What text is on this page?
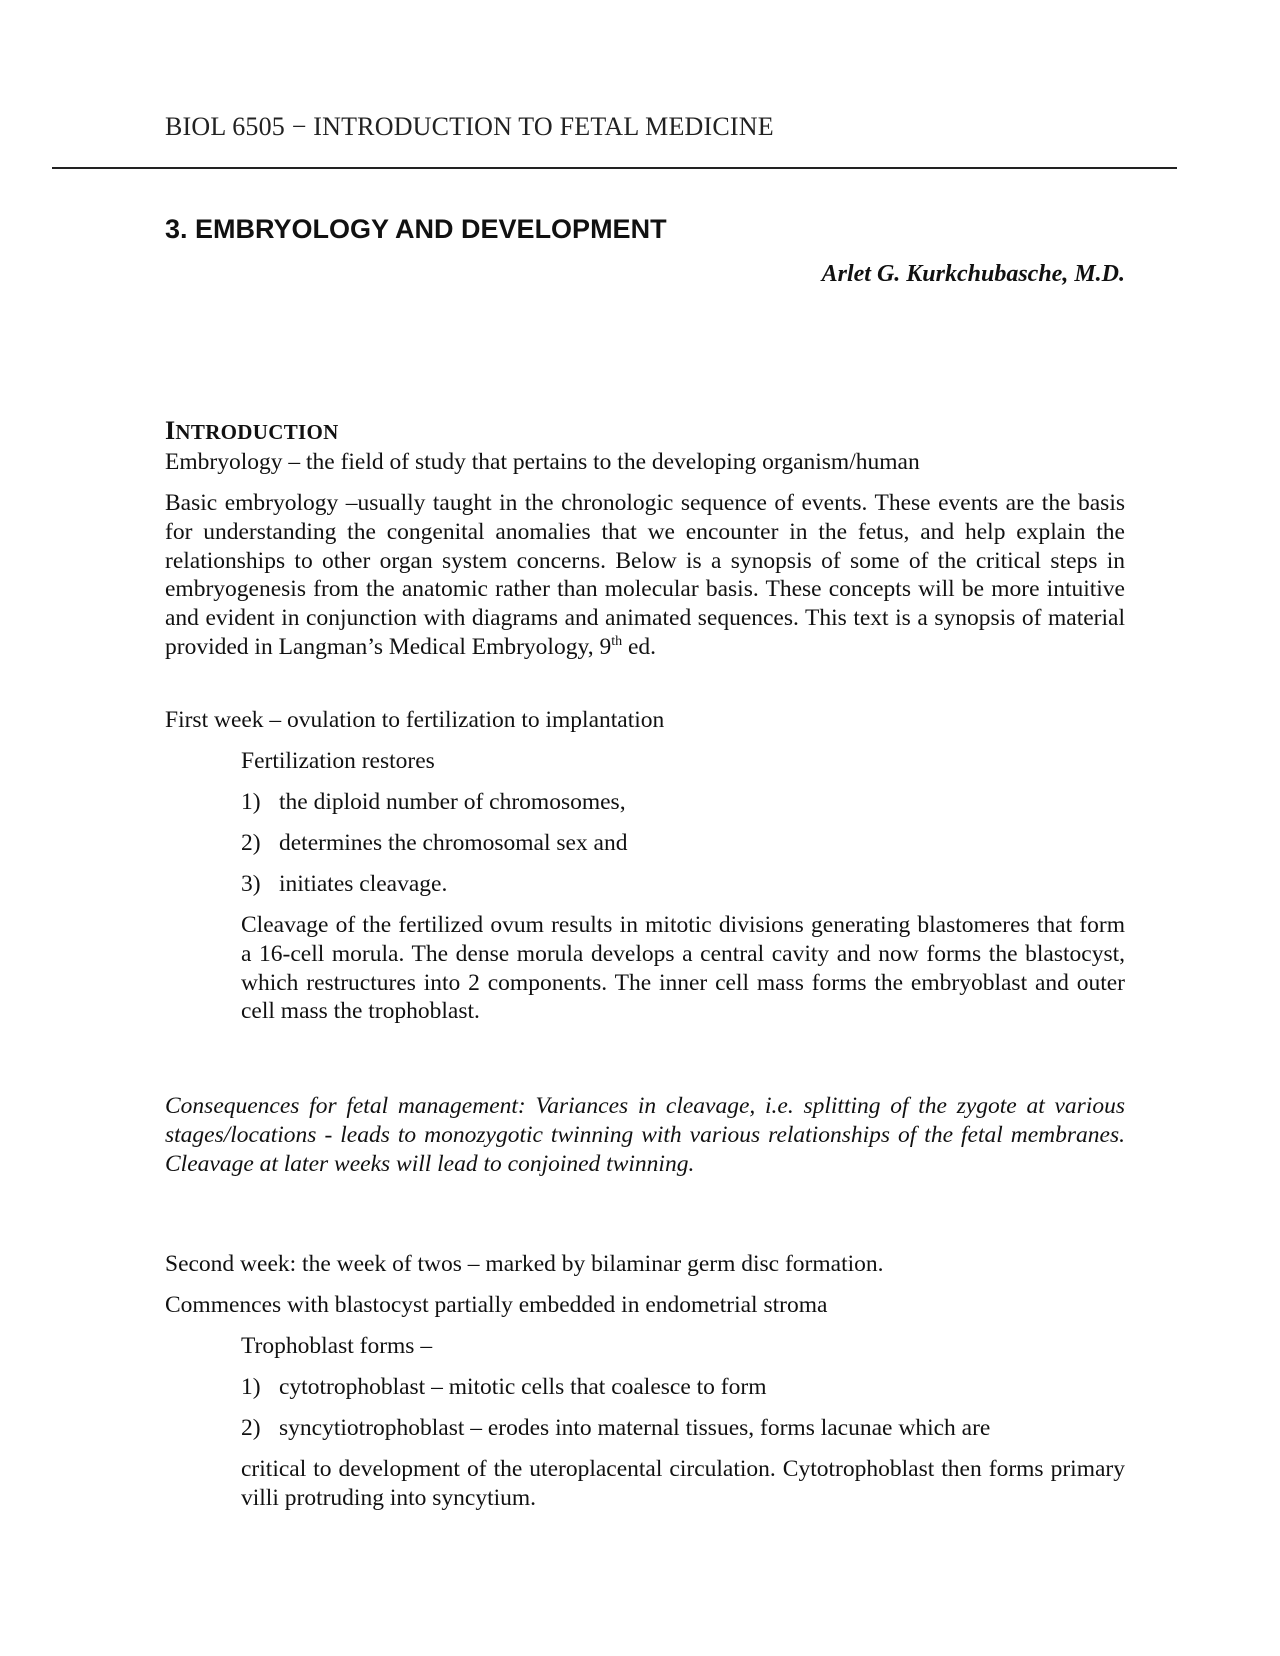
BIOL 6505 − INTRODUCTION TO FETAL MEDICINE
3. EMBRYOLOGY AND DEVELOPMENT
Arlet G. Kurkchubasche, M.D.
INTRODUCTION
Embryology – the field of study that pertains to the developing organism/human
Basic embryology –usually taught in the chronologic sequence of events. These events are the basis for understanding the congenital anomalies that we encounter in the fetus, and help explain the relationships to other organ system concerns. Below is a synopsis of some of the critical steps in embryogenesis from the anatomic rather than molecular basis. These concepts will be more intuitive and evident in conjunction with diagrams and animated sequences. This text is a synopsis of material provided in Langman’s Medical Embryology, 9th ed.
First week – ovulation to fertilization to implantation
Fertilization restores
1) the diploid number of chromosomes,
2) determines the chromosomal sex and
3) initiates cleavage.
Cleavage of the fertilized ovum results in mitotic divisions generating blastomeres that form a 16-cell morula. The dense morula develops a central cavity and now forms the blastocyst, which restructures into 2 components. The inner cell mass forms the embryoblast and outer cell mass the trophoblast.
Consequences for fetal management: Variances in cleavage, i.e. splitting of the zygote at various stages/locations - leads to monozygotic twinning with various relationships of the fetal membranes. Cleavage at later weeks will lead to conjoined twinning.
Second week: the week of twos – marked by bilaminar germ disc formation.
Commences with blastocyst partially embedded in endometrial stroma
Trophoblast forms –
1) cytotrophoblast – mitotic cells that coalesce to form
2) syncytiotrophoblast – erodes into maternal tissues, forms lacunae which are
critical to development of the uteroplacental circulation. Cytotrophoblast then forms primary villi protruding into syncytium.
